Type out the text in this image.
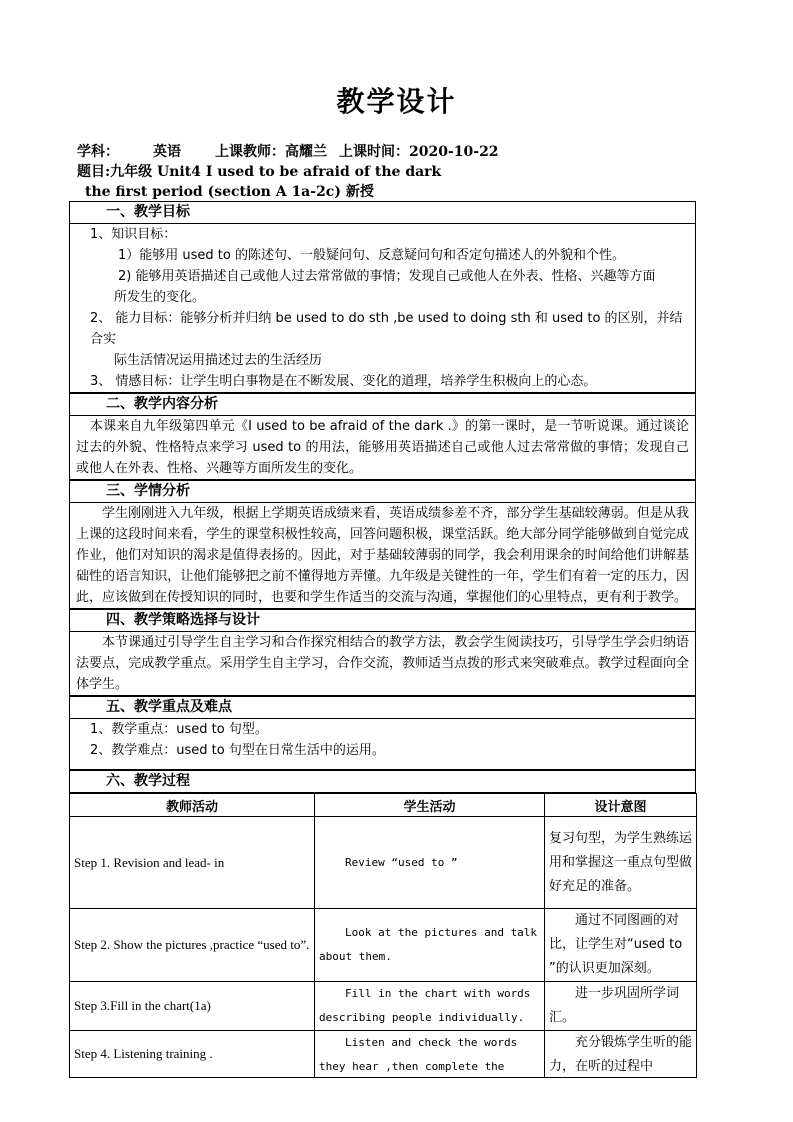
教学设计
学科： 英语 上课教师：高耀兰 上课时间：2020-10-22
题目:九年级 Unit4 I used to be afraid of the dark
the first period (section A 1a-2c) 新授
一、教学目标

1、知识目标：

1）能够用 used to 的陈述句、一般疑问句、反意疑问句和否定句描述人的外貌和个性。

2) 能够用英语描述自己或他人过去常常做的事情；发现自己或他人在外表、性格、兴趣等方面

所发生的变化。

2、 能力目标：能够分析并归纳 be used to do sth ,be used to doing sth 和 used to 的区别，并结合实

际生活情况运用描述过去的生活经历

3、 情感目标：让学生明白事物是在不断发展、变化的道理，培养学生积极向上的心态。

二、教学内容分析

本课来自九年级第四单元《I used to be afraid of the dark .》的第一课时，是一节听说课。通过谈论过去的外貌、性格特点来学习 used to 的用法，能够用英语描述自己或他人过去常常做的事情；发现自己或他人在外表、性格、兴趣等方面所发生的变化。

三、学情分析

学生刚刚进入九年级，根据上学期英语成绩来看，英语成绩参差不齐，部分学生基础较薄弱。但是从我上课的这段时间来看，学生的课堂积极性较高，回答问题积极，课堂活跃。绝大部分同学能够做到自觉完成作业，他们对知识的渴求是值得表扬的。因此，对于基础较薄弱的同学，我会利用课余的时间给他们讲解基础性的语言知识，让他们能够把之前不懂得地方弄懂。九年级是关键性的一年，学生们有着一定的压力，因此，应该做到在传授知识的同时，也要和学生作适当的交流与沟通，掌握他们的心里特点，更有利于教学。

四、教学策略选择与设计

本节课通过引导学生自主学习和合作探究相结合的教学方法，教会学生阅读技巧，引导学生学会归纳语法要点，完成教学重点。采用学生自主学习，合作交流，教师适当点拨的形式来突破难点。教学过程面向全体学生。

五、教学重点及难点

1、教学重点：used to 句型。

2、教学难点：used to 句型在日常生活中的运用。

六、教学过程
教师活动	学生活动	设计意图
Step 1. Revision and lead- in	Review “used to ”	复习句型，为学生熟练运用和掌握这一重点句型做好充足的准备。
Step 2. Show the pictures ,practice “used to”.	Look at the pictures and talk about them.	通过不同图画的对比，让学生对“used to ”的认识更加深刻。
Step 3.Fill in the chart(1a)	Fill in the chart with words describing people individually.	进一步巩固所学词汇。
Step 4. Listening training .	Listen and check the words they hear ,then complete the	充分锻炼学生听的能力，在听的过程中
